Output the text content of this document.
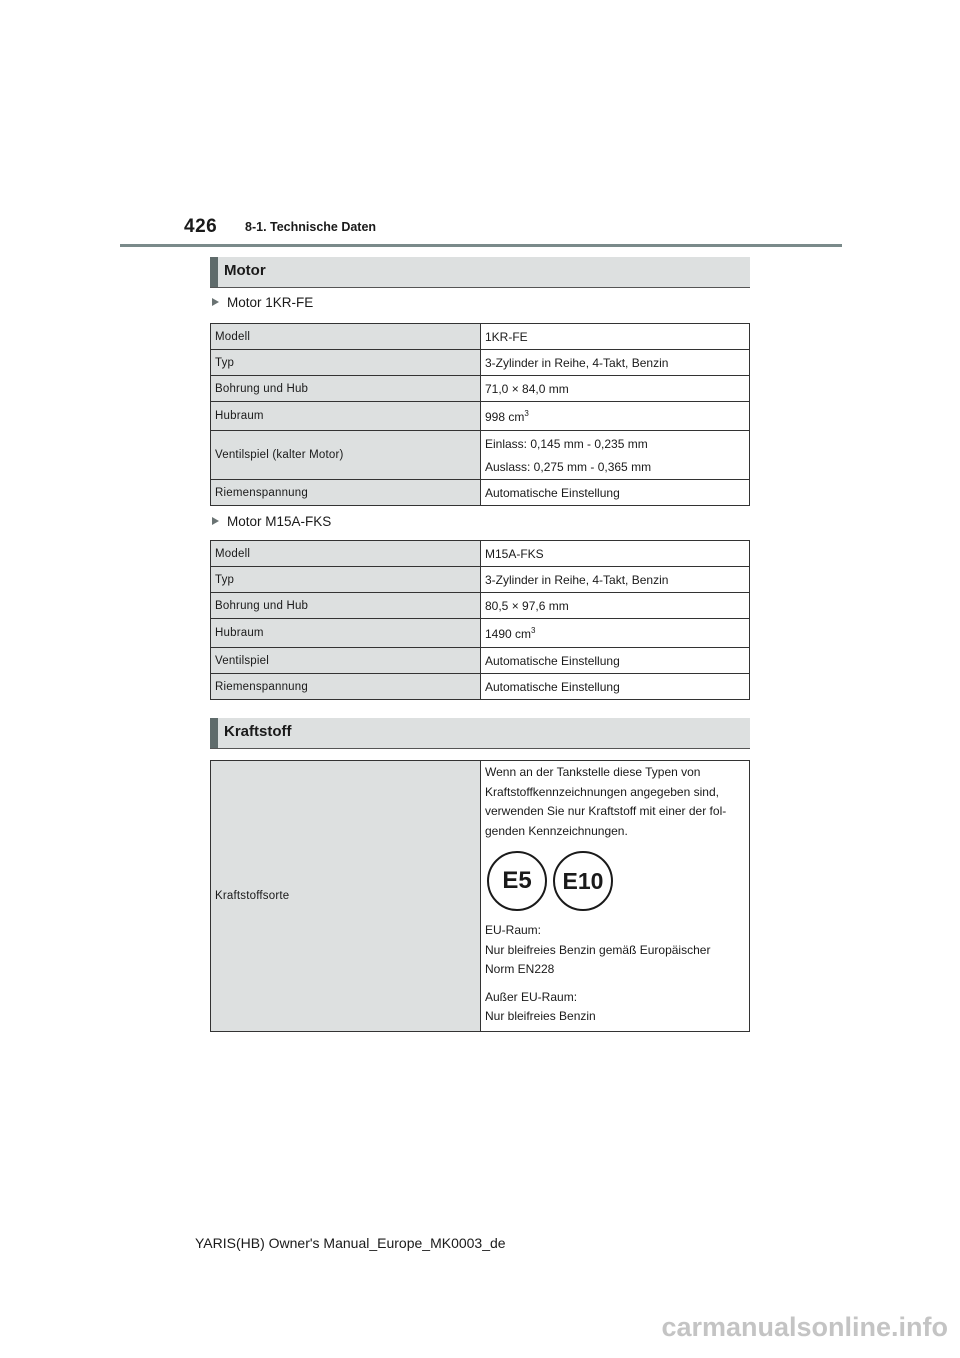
426 8-1. Technische Daten
Motor
Motor 1KR-FE
Modell	1KR-FE
Typ	3-Zylinder in Reihe, 4-Takt, Benzin
Bohrung und Hub	71,0 × 84,0 mm
Hubraum	998 $cm^3$
Ventilspiel (kalter Motor)	Einlass: 0,145 mm - 0,235 mm

Auslass: 0,275 mm - 0,365 mm

Riemenspannung	Automatische Einstellung
Motor M15A-FKS
Modell	M15A-FKS
Typ	3-Zylinder in Reihe, 4-Takt, Benzin
Bohrung und Hub	80,5 × 97,6 mm
Hubraum	1490 $cm^3$
Ventilspiel	Automatische Einstellung
Riemenspannung	Automatische Einstellung
Kraftstoff
Kraftstoffsorte	

Wenn an der Tankstelle diese Typen von

Kraftstoffkennzeichnungen angegeben sind,

verwenden Sie nur Kraftstoff mit einer der fol-

genden Kennzeichnungen.

E5	E10

EU-Raum:

Nur bleifreies Benzin gemäß Europäischer

Norm EN228

Außer EU-Raum:

Nur bleifreies Benzin

YARIS(HB) Owner's Manual_Europe_MK0003_de
carmanualsonline.info
